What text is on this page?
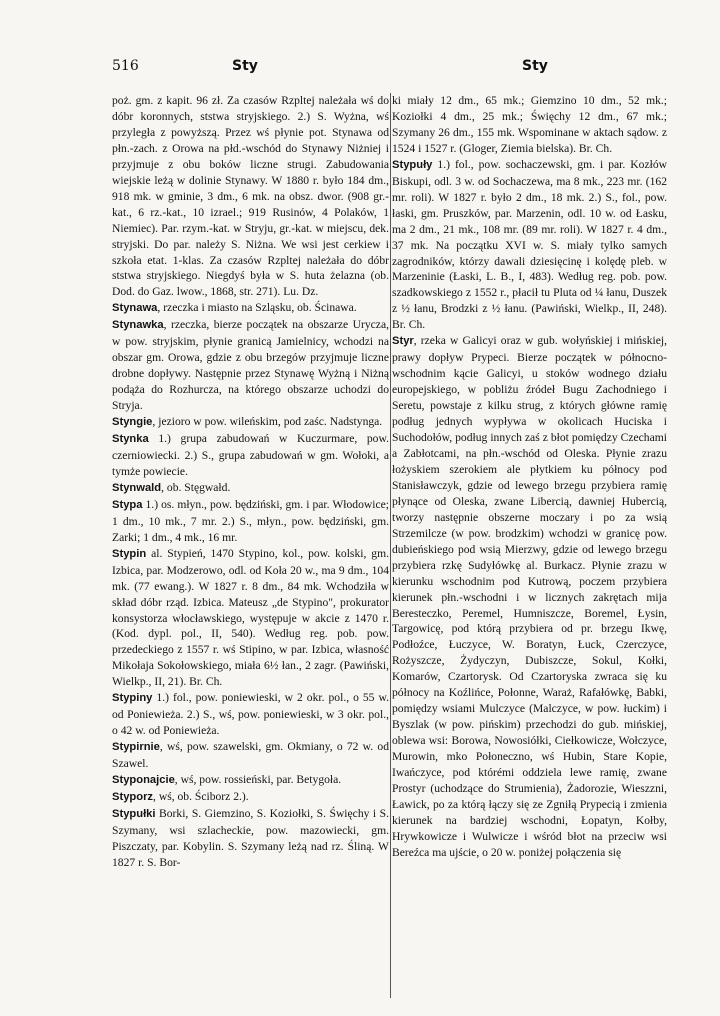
516	Sty	Sty

poż. gm. z kapit. 96 zł. Za czasów Rzpltej należała wś do dóbr koronnych, ststwa stryjskiego. 2.) S. Wyżna, wś przyległa z powyższą. Przez wś płynie pot. Stynawa od płn.-zach. z Orowa na płd.-wschód do Stynawy Niżniej i przyjmuje z obu boków liczne strugi. Zabudowania wiejskie leżą w dolinie Stynawy. W 1880 r. było 184 dm., 918 mk. w gminie, 3 dm., 6 mk. na obsz. dwor. (908 gr.-kat., 6 rz.-kat., 10 izrael.; 919 Rusinów, 4 Polaków, 1 Niemiec). Par. rzym.-kat. w Stryju, gr.-kat. w miejscu, dek. stryjski. Do par. należy S. Niżna. We wsi jest cerkiew i szkoła etat. 1-klas. Za czasów Rzpltej należała do dóbr ststwa stryjskiego. Niegdyś była w S. huta żelazna (ob. Dod. do Gaz. lwow., 1868, str. 271). Lu. Dz.

Stynawa, rzeczka i miasto na Szląsku, ob. Ścinawa.

Stynawka, rzeczka, bierze początek na obszarze Urycza, w pow. stryjskim, płynie granicą Jamielnicy, wchodzi na obszar gm. Orowa, gdzie z obu brzegów przyjmuje liczne drobne dopływy. Następnie przez Stynawę Wyżną i Niżną podąża do Rozhurcza, na którego obszarze uchodzi do Stryja.

Styngie, jezioro w pow. wileńskim, pod zaśc. Nadstynga.

Stynka 1.) grupa zabudowań w Kuczurmare, pow. czerniowiecki. 2.) S., grupa zabudowań w gm. Wołoki, a tymże powiecie.

Stynwald, ob. Stęgwałd.

Stypa 1.) os. młyn., pow. będziński, gm. i par. Włodowice; 1 dm., 10 mk., 7 mr. 2.) S., młyn., pow. będziński, gm. Zarki; 1 dm., 4 mk., 16 mr.

Stypin al. Stypień, 1470 Stypino, kol., pow. kolski, gm. Izbica, par. Modzerowo, odl. od Koła 20 w., ma 9 dm., 104 mk. (77 ewang.). W 1827 r. 8 dm., 84 mk. Wchodziła w skład dóbr rząd. Izbica. Mateusz „de Stypino", prokurator konsystorza włocławskiego, występuje w akcie z 1470 r. (Kod. dypl. pol., II, 540). Według reg. pob. pow. przedeckiego z 1557 r. wś Stipino, w par. Izbica, własność Mikołaja Sokołowskiego, miała 6½ łan., 2 zagr. (Pawiński, Wielkp., II, 21). Br. Ch.

Stypiny 1.) fol., pow. poniewieski, w 2 okr. pol., o 55 w. od Poniewieża. 2.) S., wś, pow. poniewieski, w 3 okr. pol., o 42 w. od Poniewieża.

Stypirnie, wś, pow. szawelski, gm. Okmiany, o 72 w. od Szawel.

Styponajcie, wś, pow. rossieński, par. Betygoła.

Styporz, wś, ob. Ściborz 2.).

Stypułki Borki, S. Giemzino, S. Koziołki, S. Święchy i S. Szymany, wsi szlacheckie, pow. mazowiecki, gm. Piszczaty, par. Kobylin. S. Szymany leżą nad rz. Śliną. W 1827 r. S. Bor-

ki miały 12 dm., 65 mk.; Giemzino 10 dm., 52 mk.; Koziołki 4 dm., 25 mk.; Święchy 12 dm., 67 mk.; Szymany 26 dm., 155 mk. Wspominane w aktach sądow. z 1524 i 1527 r. (Gloger, Ziemia bielska). Br. Ch.

Stypuły 1.) fol., pow. sochaczewski, gm. i par. Kozłów Biskupi, odl. 3 w. od Sochaczewa, ma 8 mk., 223 mr. (162 mr. roli). W 1827 r. było 2 dm., 18 mk. 2.) S., fol., pow. łaski, gm. Pruszków, par. Marzenin, odl. 10 w. od Łasku, ma 2 dm., 21 mk., 108 mr. (89 mr. roli). W 1827 r. 4 dm., 37 mk. Na początku XVI w. S. miały tylko samych zagrodników, którzy dawali dziesięcinę i kolędę pleb. w Marzeninie (Łaski, L. B., I, 483). Według reg. pob. pow. szadkowskiego z 1552 r., płacił tu Pluta od ¼ łanu, Duszek z ½ łanu, Brodzki z ½ łanu. (Pawiński, Wielkp., II, 248). Br. Ch.

Styr, rzeka w Galicyi oraz w gub. wołyńskiej i mińskiej, prawy dopływ Prypeci. Bierze początek w północno-wschodnim kącie Galicyi, u stoków wodnego działu europejskiego, w pobliżu źródeł Bugu Zachodniego i Seretu, powstaje z kilku strug, z których główne ramię podług jednych wypływa w okolicach Huciska i Suchodołów, podług innych zaś z błot pomiędzy Czechami a Zabłotcami, na płn.-wschód od Oleska. Płynie zrazu łożyskiem szerokiem ale płytkiem ku północy pod Stanisławczyk, gdzie od lewego brzegu przybiera ramię płynące od Oleska, zwane Libercią, dawniej Hubercią, tworzy następnie obszerne moczary i po za wsią Strzemilcze (w pow. brodzkim) wchodzi w granicę pow. dubieńskiego pod wsią Mierzwy, gdzie od lewego brzegu przybiera rzkę Sudyłówkę al. Burkacz. Płynie zrazu w kierunku wschodnim pod Kutrową, poczem przybiera kierunek płn.-wschodni i w licznych zakrętach mija Beresteczko, Peremel, Humniszcze, Boremel, Łysin, Targowicę, pod którą przybiera od pr. brzegu Ikwę, Podłoźce, Łuczyce, W. Boratyn, Łuck, Czerczyce, Rożyszcze, Żydyczyn, Dubiszcze, Sokul, Kołki, Komarów, Czartorysk. Od Czartoryska zwraca się ku północy na Koźlińce, Połonne, Waraż, Rafałówkę, Babki, pomiędzy wsiami Mulczyce (Malczyce, w pow. łuckim) i Byszlak (w pow. pińskim) przechodzi do gub. mińskiej, oblewa wsi: Borowa, Nowosiółki, Ciełkowicze, Wołczyce, Murowin, mko Połoneczno, wś Hubin, Stare Kopie, Iwańczyce, pod którémi oddziela lewe ramię, zwane Prostyr (uchodzące do Strumienia), Żadorozie, Wieszzni, Ławick, po za którą łączy się ze Zgniłą Prypecią i zmienia kierunek na bardziej wschodni, Łopatyn, Kołby, Hrywkowicze i Wulwicze i wśród błot na przeciw wsi Bereźca ma ujście, o 20 w. poniżej połączenia się
